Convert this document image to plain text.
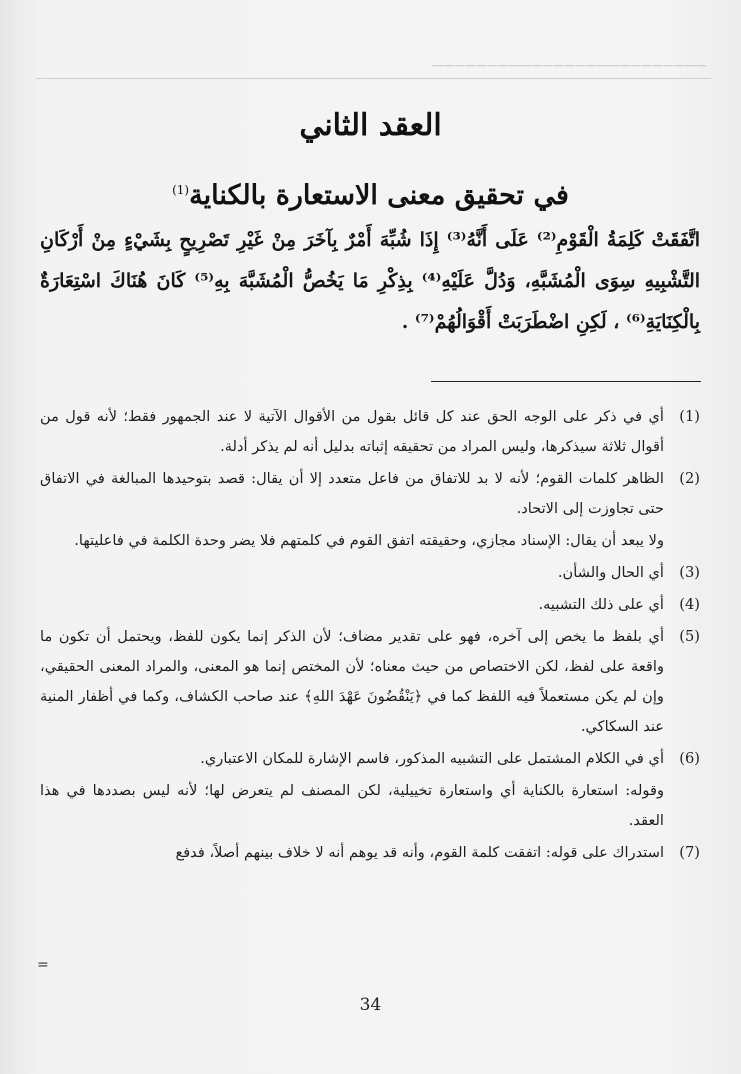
—————————————————————————
العقد الثاني
في تحقيق معنى الاستعارة بالكناية$^{(1)}$
اتَّفَقَتْ كَلِمَةُ الْقَوْمِ⁽²⁾ عَلَى أَنَّهُ⁽³⁾ إِذَا شُبِّهَ أَمْرٌ بِآخَرَ مِنْ غَيْرِ تَصْرِيحٍ بِشَيْءٍ مِنْ أَرْكَانِ التَّشْبِيهِ سِوَى الْمُشَبَّهِ، وَدُلَّ عَلَيْهِ⁽⁴⁾ بِذِكْرِ مَا يَخُصُّ الْمُشَبَّهَ بِهِ⁽⁵⁾ كَانَ هُنَاكَ اسْتِعَارَةٌ بِالْكِنَايَةِ⁽⁶⁾ ، لَكِنِ اضْطَرَبَتْ أَقْوَالُهُمْ⁽⁷⁾ .

(1)أي في ذكر على الوجه الحق عند كل قائل بقول من الأقوال الآتية لا عند الجمهور فقط؛ لأنه قول من أقوال ثلاثة سيذكرها، وليس المراد من تحقيقه إثباته بدليل أنه لم يذكر أدلة.

(2)الظاهر كلمات القوم؛ لأنه لا بد للاتفاق من فاعل متعدد إلا أن يقال: قصد بتوحيدها المبالغة في الاتفاق حتى تجاوزت إلى الاتحاد.

ولا يبعد أن يقال: الإسناد مجازي، وحقيقته اتفق القوم في كلمتهم فلا يضر وحدة الكلمة في فاعليتها.

(3)أي الحال والشأن.

(4)أي على ذلك التشبيه.

(5)أي بلفظ ما يخص إلى آخره، فهو على تقدير مضاف؛ لأن الذكر إنما يكون للفظ، ويحتمل أن تكون ما واقعة على لفظ، لكن الاختصاص من حيث معناه؛ لأن المختص إنما هو المعنى، والمراد المعنى الحقيقي، وإن لم يكن مستعملاً فيه اللفظ كما في ﴿يَنْقُضُونَ عَهْدَ اللهِ﴾ عند صاحب الكشاف، وكما في أظفار المنية عند السكاكي.

(6)أي في الكلام المشتمل على التشبيه المذكور، فاسم الإشارة للمكان الاعتباري.

وقوله: استعارة بالكناية أي واستعارة تخييلية، لكن المصنف لم يتعرض لها؛ لأنه ليس بصددها في هذا العقد.

(7)استدراك على قوله: اتفقت كلمة القوم، وأنه قد يوهم أنه لا خلاف بينهم أصلاً، فدفع

=
34
